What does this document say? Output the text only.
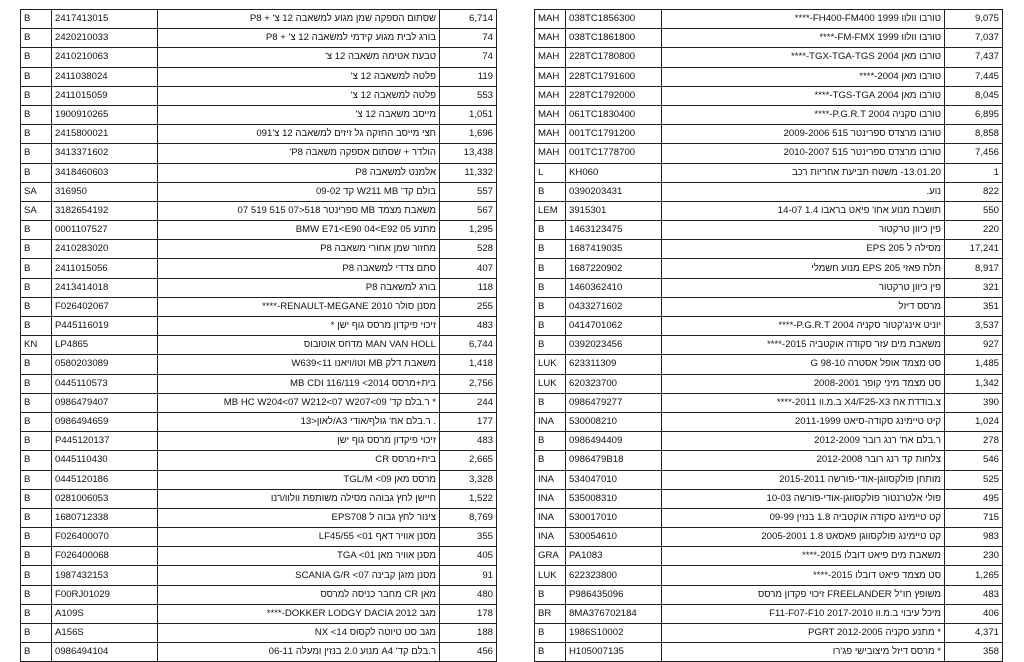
B	2417413015	שסתום הספקה שמן מגוע למשאבה 12 צ' + P8	6,714
B	2420210033	בורג לבית מגוע קידמי למשאבה 12 צ' + P8	74
B	2410210063	טבעת אטימה משאבה 12 צ'	74
B	2411038024	פלטה למשאבה 12 צ'	119
B	2411015059	פלטה למשאבה 12 צ'	553
B	1900910265	מייסב משאבה 12 צ'	1,051
B	2415800021	חצי מייסב החזקה גל זיזים למשאבה 12 צ'091	1,696
B	3413371602	הולדר + שסתום אספקה משאבה P8'	13,438
B	3418460603	אלמנט למשאבה P8	11,332
SA	316950	בולם קד' W211 MB קד 09-02	557
SA	3182654192	משאבת מצמד MB ספרינטר 518<07 515 519 07	567
B	0001107527	מתנע BMW E71<E90 04<E92 05	1,295
B	2410283020	מחזור שמן אחורי משאבה P8	528
B	2411015056	סתם צדדי למשאבה P8	407
B	2413414018	בורג למשאבה P8	118
B	F026402067	מסנן סולר RENAULT-MEGANE 2010-****	255
B	P445116019	זיכוי פיקדון מרסס גוף ישן *	483
KN	LP4865	MAN VAN HOLL מדחס אוטובוס	6,744
B	0580203089	משאבת דלק MB וטו/ויאנו W639<11	1,418
B	0445110573	בית+מרסס MB CDI 116/119 <2014	2,756
B	0986479407	* ר.בלם קד' MB HC W204<07 W212<07 W207<09	244
B	0986494659	. ר.בלם אח' גולף/אודי A3/לאון<13	177
B	P445120137	זיכוי פיקדון מרסס גוף ישן	483
B	0445110430	בית+מרסס CR	2,665
B	0445120186	מרסס מאן TGL/M <09	3,328
B	0281006053	חיישן לחץ גבוהה מסילה משותפת וולוו/רנו	1,522
B	1680712338	צינור לחץ גבוה ל EPS708	8,769
B	F026400070	מסנן אוויר דאף LF45/55 <01	355
B	F026400068	מסנן אוויר מאן TGA <01	405
B	1987432153	מסנן מזגן קבינה SCANIA G/R <07	91
B	F00RJ01029	מאן CR מחבר כניסה למרסס	480
B	A109S	מגב DOKKER LODGY DACIA 2012-****	178
B	A156S	מגב סט טיוטה לקסוס NX <14	188
B	0986494104	ר.בלם קד' A4 מנוע 2.0 בנזין ומעלה 06-11	456
MAH	038TC1856300	טורבו וולוו FH400-FM400 1999-****	9,075
MAH	038TC1861800	טורבו וולוו FM-FMX 1999-****	7,037
MAH	228TC1780800	טורבו מאן TGX-TGA-TGS 2004-****	7,437
MAH	228TC1791600	טורבו מאן 2004-****	7,445
MAH	228TC1792000	טורבו מאן TGS-TGA 2004-****	8,045
MAH	061TC1830400	טורבו סקניה P.G.R.T 2004-****	6,895
MAH	001TC1791200	טורבו מרצדס ספרינטר 515 2009-2006	8,858
MAH	001TC1778700	טורבו מרצדס ספרינטר 515 2010-2007	7,456
L	KH060	13.01.20- משטח תביעת אחריות רכב	1
B	0390203431	נוע.	822
LEM	3915301	תושבת מנוע אחו' פיאט בראבו 1.4 14-07	550
B	1463123475	פין כיוון טרקטור	220
B	1687419035	מסילה ל EPS 205	17,241
B	1687220902	תלת פאזי EPS 205 מנוע חשמלי	8,917
B	1460362410	פין כיוון טרקטור	321
B	0433271602	מרסס דיזל	351
B	0414701062	יוניט אינג'קטור סקניה P.G.R.T 2004-****	3,537
B	0392023456	משאבת מים עזר סקודה אוקטביה 2015-****	927
LUK	623311309	סט מצמד אופל אסטרה G 98-10	1,485
LUK	620323700	סט מצמד מיני קופר 2008-2001	1,342
B	0986479277	צ.בודדת אח X4/F25-X3 ב.מ.וו 2011-****	390
INA	530008210	קיט טיימינג סקודה-סיאט 2011-1999	1,024
B	0986494409	ר.בלם אח' רנג רובר 2012-2009	278
B	0986479B18	צלחות קד רנג רובר 2012-2008	546
INA	534047010	מותחן פולקסווגן-אודי-פורשה 2015-2011	525
INA	535008310	פולי אלטרנטור פולקסווגן-אודי-פורשה 10-03	495
INA	530017010	קט טיימינג סקודה אוקטביה 1.8 בנזין 09-99	715
INA	530054610	קט טיימינג פולקסווגן פאסאט 1.8 2005-2001	983
GRA	PA1083	משאבת מים פיאט דובלו 2015-****	230
LUK	622323800	סט מצמד פיאט דובלו 2015-****	1,265
B	P986435096	משופץ חו"ל FREELANDER זיכוי פקדון מרסס	483
BR	8MA376702184	מיכל עיבוי ב.מ.וו F11-F07-F10 2017-2010	406
B	1986S10002	* מתנע סקניה PGRT 2012-2005	4,371
B	H105007135	* מרסס דיזל מיצובישי פג'רו	358
